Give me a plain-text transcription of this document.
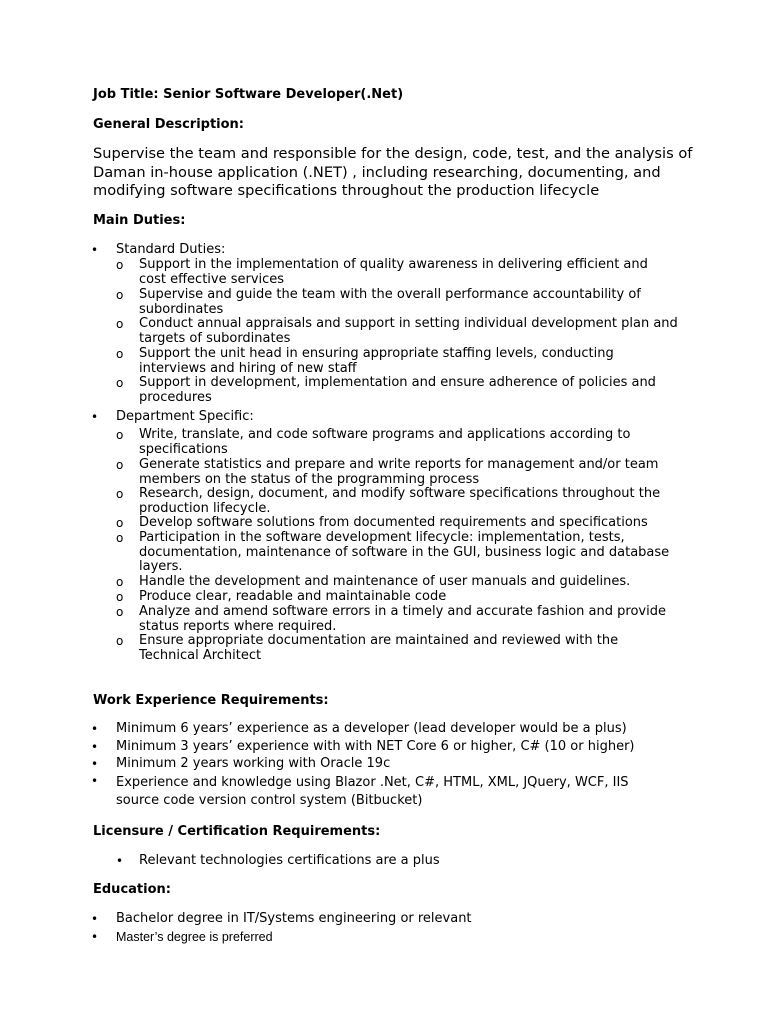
Job Title: Senior Software Developer(.Net)
General Description:
Supervise the team and responsible for the design, code, test, and the analysis of Daman in-house application (.NET) , including researching, documenting, and modifying software specifications throughout the production lifecycle
Main Duties:
• Standard Duties:
o Support in the implementation of quality awareness in delivering efficient and
cost effective services
o Supervise and guide the team with the overall performance accountability of
subordinates
o Conduct annual appraisals and support in setting individual development plan and
targets of subordinates
o Support the unit head in ensuring appropriate staffing levels, conducting
interviews and hiring of new staff
o Support in development, implementation and ensure adherence of policies and
procedures
• Department Specific:
o Write, translate, and code software programs and applications according to
specifications
o Generate statistics and prepare and write reports for management and/or team
members on the status of the programming process
o Research, design, document, and modify software specifications throughout the
production lifecycle.
o Develop software solutions from documented requirements and specifications
o Participation in the software development lifecycle: implementation, tests,
documentation, maintenance of software in the GUI, business logic and database
layers.
o Handle the development and maintenance of user manuals and guidelines.
o Produce clear, readable and maintainable code
o Analyze and amend software errors in a timely and accurate fashion and provide
status reports where required.
o Ensure appropriate documentation are maintained and reviewed with the
Technical Architect
Work Experience Requirements:
• Minimum 6 years’ experience as a developer (lead developer would be a plus)
• Minimum 3 years’ experience with with NET Core 6 or higher, C# (10 or higher)
• Minimum 2 years working with Oracle 19c
• Experience and knowledge using Blazor .Net, C#, HTML, XML, JQuery, WCF, IIS
source code version control system (Bitbucket)
Licensure / Certification Requirements:
• Relevant technologies certifications are a plus
Education:
• Bachelor degree in IT/Systems engineering or relevant
• Master’s degree is preferred
